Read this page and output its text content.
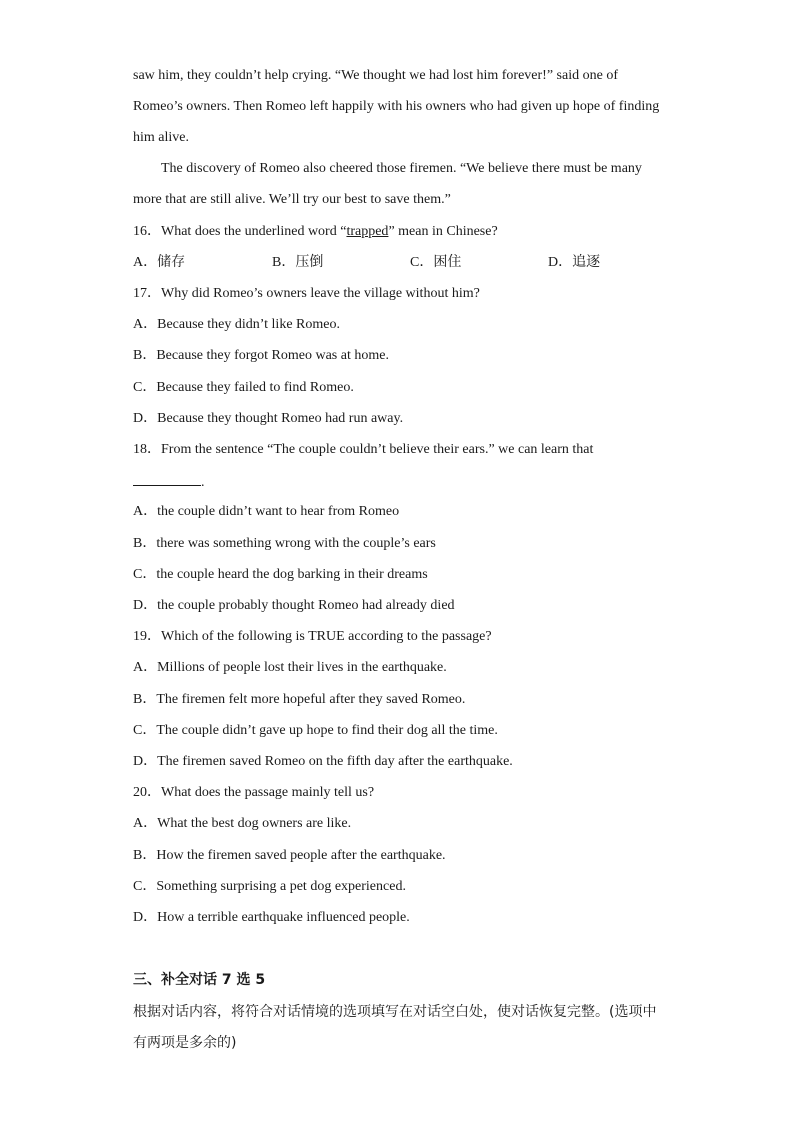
saw him, they couldn’t help crying. “We thought we had lost him forever!” said one of
Romeo’s owners. Then Romeo left happily with his owners who had given up hope of finding
him alive.
The discovery of Romeo also cheered those firemen. “We believe there must be many
more that are still alive. We’ll try our best to save them.”
16．What does the underlined word “trapped” mean in Chinese?
A．储存	B．压倒	C．困住	D．追逐
17．Why did Romeo’s owners leave the village without him?
A．Because they didn’t like Romeo.
B．Because they forgot Romeo was at home.
C．Because they failed to find Romeo.
D．Because they thought Romeo had run away.
18．From the sentence “The couple couldn’t believe their ears.” we can learn that
.
A．the couple didn’t want to hear from Romeo
B．there was something wrong with the couple’s ears
C．the couple heard the dog barking in their dreams
D．the couple probably thought Romeo had already died
19．Which of the following is TRUE according to the passage?
A．Millions of people lost their lives in the earthquake.
B．The firemen felt more hopeful after they saved Romeo.
C．The couple didn’t gave up hope to find their dog all the time.
D．The firemen saved Romeo on the fifth day after the earthquake.
20．What does the passage mainly tell us?
A．What the best dog owners are like.
B．How the firemen saved people after the earthquake.
C．Something surprising a pet dog experienced.
D．How a terrible earthquake influenced people.
三、补全对话 7 选 5
根据对话内容，将符合对话情境的选项填写在对话空白处，使对话恢复完整。(选项中
有两项是多余的)
